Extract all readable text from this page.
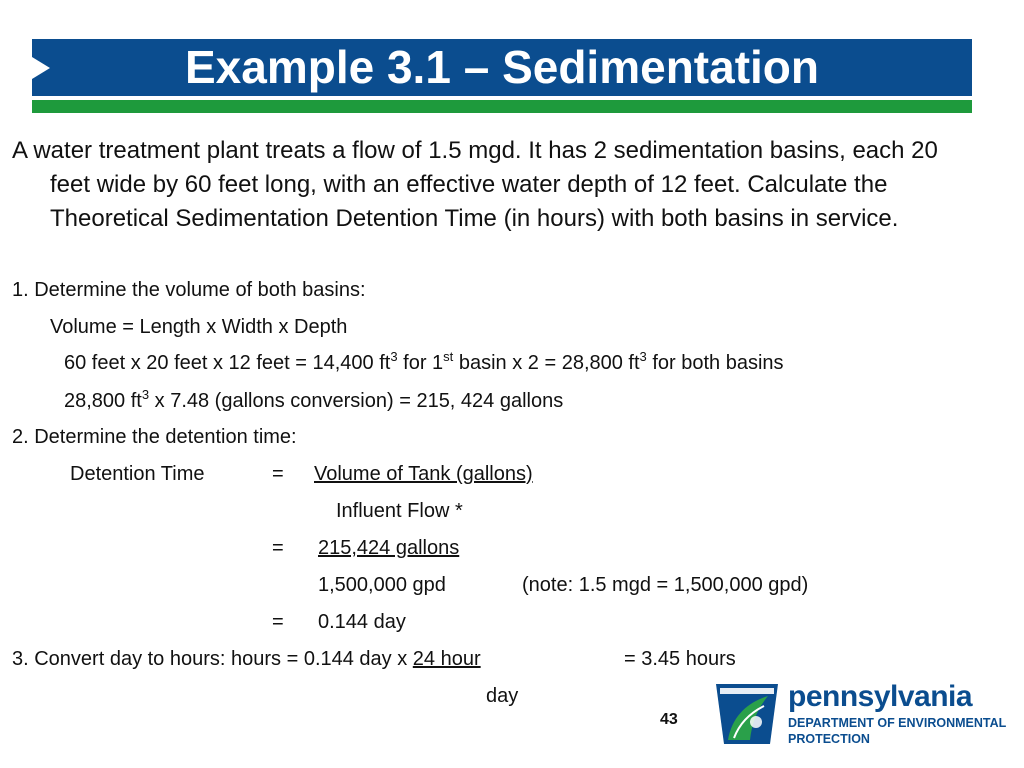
Example 3.1 – Sedimentation

A water treatment plant treats a flow of 1.5 mgd. It has 2 sedimentation basins, each 20 feet wide by 60 feet long, with an effective water depth of 12 feet. Calculate the Theoretical Sedimentation Detention Time (in hours) with both basins in service.

1. Determine the volume of both basins:
Volume = Length x Width x Depth
60 feet x 20 feet x 12 feet = 14,400 $ft^3$ for 1st basin x 2 = 28,800 $ft^3$ for both basins
28,800 $ft^3$ x 7.48 (gallons conversion) = 215, 424 gallons
2. Determine the detention time:
Detention Time	= Volume of Tank (gallons)
Influent Flow *
= 215,424 gallons
1,500,000 gpd	(note: 1.5 mgd = 1,500,000 gpd)
= 0.144 day
3. Convert day to hours: hours = 0.144 day x 24 hour	= 3.45 hours
day
43
pennsylvania
DEPARTMENT OF ENVIRONMENTAL
PROTECTION
